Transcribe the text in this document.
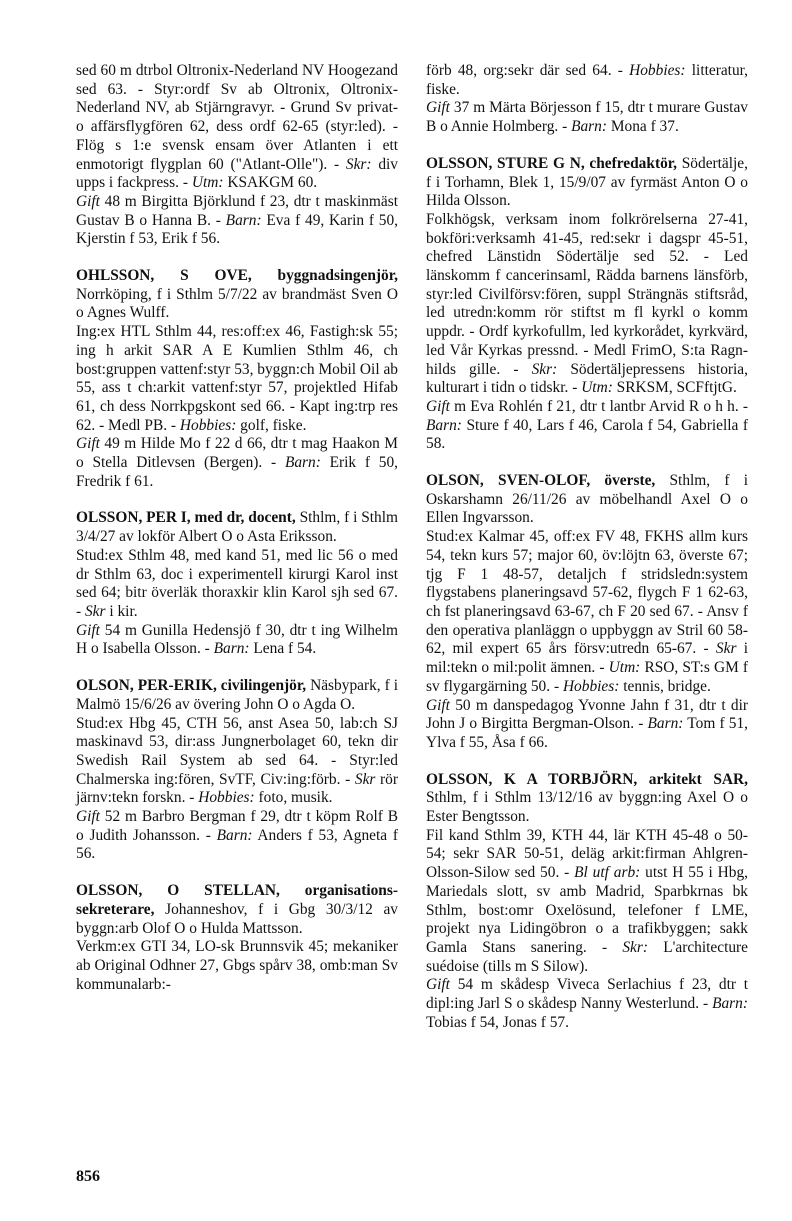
sed 60 m dtrbol Oltronix-Nederland NV Hoogezand sed 63. - Styr:ordf Sv ab Oltronix, Oltronix-Nederland NV, ab Stjärngravyr. - Grund Sv privat- o affärsflygfören 62, dess ordf 62-65 (styr:led). - Flög s 1:e svensk ensam över Atlanten i ett enmotorigt flygplan 60 ("Atlant-Olle"). - Skr: div upps i fackpress. - Utm: KSAKGM 60.

Gift 48 m Birgitta Björklund f 23, dtr t maskinmäst Gustav B o Hanna B. - Barn: Eva f 49, Karin f 50, Kjerstin f 53, Erik f 56.

OHLSSON, S OVE, byggnadsingenjör, Norrköping, f i Sthlm 5/7/22 av brandmäst Sven O o Agnes Wulff.

Ing:ex HTL Sthlm 44, res:off:ex 46, Fastigh:sk 55; ing h arkit SAR A E Kumlien Sthlm 46, ch bost:gruppen vattenf:styr 53, byggn:ch Mobil Oil ab 55, ass t ch:arkit vattenf:styr 57, projektled Hifab 61, ch dess Norrkpgskont sed 66. - Kapt ing:trp res 62. - Medl PB. - Hobbies: golf, fiske.

Gift 49 m Hilde Mo f 22 d 66, dtr t mag Haakon M o Stella Ditlevsen (Bergen). - Barn: Erik f 50, Fredrik f 61.

OLSSON, PER I, med dr, docent, Sthlm, f i Sthlm 3/4/27 av lokför Albert O o Asta Eriksson.

Stud:ex Sthlm 48, med kand 51, med lic 56 o med dr Sthlm 63, doc i experimentell kirurgi Karol inst sed 64; bitr överläk thoraxkir klin Karol sjh sed 67. - Skr i kir.

Gift 54 m Gunilla Hedensjö f 30, dtr t ing Wilhelm H o Isabella Olsson. - Barn: Lena f 54.

OLSON, PER-ERIK, civilingenjör, Näsbypark, f i Malmö 15/6/26 av övering John O o Agda O.

Stud:ex Hbg 45, CTH 56, anst Asea 50, lab:ch SJ maskinavd 53, dir:ass Jungnerbolaget 60, tekn dir Swedish Rail System ab sed 64. - Styr:led Chalmerska ing:fören, SvTF, Civ:ing:förb. - Skr rör järnv:tekn forskn. - Hobbies: foto, musik.

Gift 52 m Barbro Bergman f 29, dtr t köpm Rolf B o Judith Johansson. - Barn: Anders f 53, Agneta f 56.

OLSSON, O STELLAN, organisationssekreterare, Johanneshov, f i Gbg 30/3/12 av byggn:arb Olof O o Hulda Mattsson.

Verkm:ex GTI 34, LO-sk Brunnsvik 45; mekaniker ab Original Odhner 27, Gbgs spårv 38, omb:man Sv kommunalarb:-

förb 48, org:sekr där sed 64. - Hobbies: litteratur, fiske.

Gift 37 m Märta Börjesson f 15, dtr t murare Gustav B o Annie Holmberg. - Barn: Mona f 37.

OLSSON, STURE G N, chefredaktör, Södertälje, f i Torhamn, Blek 1, 15/9/07 av fyrmäst Anton O o Hilda Olsson.

Folkhögsk, verksam inom folkrörelserna 27-41, bokföri:verksamh 41-45, red:sekr i dagspr 45-51, chefred Länstidn Södertälje sed 52. - Led länskomm f cancerinsaml, Rädda barnens länsförb, styr:led Civilförsv:fören, suppl Strängnäs stiftsråd, led utredn:komm rör stiftst m fl kyrkl o komm uppdr. - Ordf kyrkofullm, led kyrkorådet, kyrkvärd, led Vår Kyrkas pressnd. - Medl FrimO, S:ta Ragnhilds gille. - Skr: Södertäljepressens historia, kulturart i tidn o tidskr. - Utm: SRKSM, SCFftjtG.

Gift m Eva Rohlén f 21, dtr t lantbr Arvid R o h h. - Barn: Sture f 40, Lars f 46, Carola f 54, Gabriella f 58.

OLSON, SVEN-OLOF, överste, Sthlm, f i Oskarshamn 26/11/26 av möbelhandl Axel O o Ellen Ingvarsson.

Stud:ex Kalmar 45, off:ex FV 48, FKHS allm kurs 54, tekn kurs 57; major 60, öv:löjtn 63, överste 67; tjg F 1 48-57, detaljch f stridsledn:system flygstabens planeringsavd 57-62, flygch F 1 62-63, ch fst planeringsavd 63-67, ch F 20 sed 67. - Ansv f den operativa planläggn o uppbyggn av Stril 60 58-62, mil expert 65 års försv:utredn 65-67. - Skr i mil:tekn o mil:polit ämnen. - Utm: RSO, ST:s GM f sv flygargärning 50. - Hobbies: tennis, bridge.

Gift 50 m danspedagog Yvonne Jahn f 31, dtr t dir John J o Birgitta Bergman-Olson. - Barn: Tom f 51, Ylva f 55, Åsa f 66.

OLSSON, K A TORBJÖRN, arkitekt SAR, Sthlm, f i Sthlm 13/12/16 av byggn:ing Axel O o Ester Bengtsson.

Fil kand Sthlm 39, KTH 44, lär KTH 45-48 o 50-54; sekr SAR 50-51, deläg arkit:firman Ahlgren-Olsson-Silow sed 50. - Bl utf arb: utst H 55 i Hbg, Mariedals slott, sv amb Madrid, Sparbkrnas bk Sthlm, bost:omr Oxelösund, telefoner f LME, projekt nya Lidingöbron o a trafikbyggen; sakk Gamla Stans sanering. - Skr: L'architecture suédoise (tills m S Silow).

Gift 54 m skådesp Viveca Serlachius f 23, dtr t dipl:ing Jarl S o skådesp Nanny Westerlund. - Barn: Tobias f 54, Jonas f 57.

856
